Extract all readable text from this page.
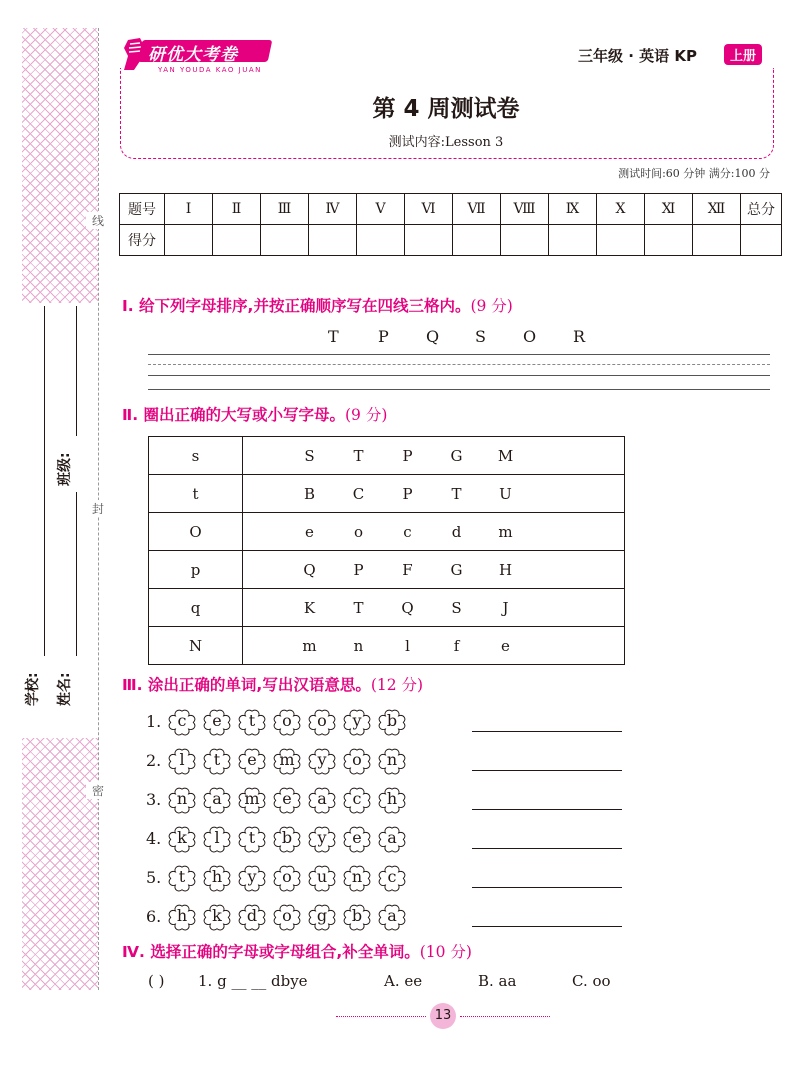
线
封
密
班级:
学校: 姓名:
研优大考卷
YAN YOUDA KAO JUAN
三年级 · 英语 KP	上册
第 4 周测试卷
测试内容:Lesson 3
测试时间:60 分钟 满分:100 分
题号	Ⅰ	Ⅱ	Ⅲ	Ⅳ	Ⅴ	Ⅵ	Ⅶ	Ⅷ	Ⅸ	Ⅹ	Ⅺ	Ⅻ	总分
得分													
Ⅰ. 给下列字母排序,并按正确顺序写在四线三格内。(9 分)
T P Q S O R
Ⅱ. 圈出正确的大写或小写字母。(9 分)
s	S T P G M
t	B C P T U
O	e o c d m
p	Q P F G H
q	K T Q S J
N	m n l f e
Ⅲ. 涂出正确的单词,写出汉语意思。(12 分)
1.	c	e	t	o	o	y	b
2.	l	t	e	m	y	o	n
3. n	a	m	e	a	c	h
4. k	l	t	b	y	e	a
5.	t	h	y	o	u	n	c
6. h	k	d	o	g	b	a
Ⅳ. 选择正确的字母或字母组合,补全单词。(10 分)
( ) 1. g __ __ dbye	A. ee	B. aa	C. oo
13
